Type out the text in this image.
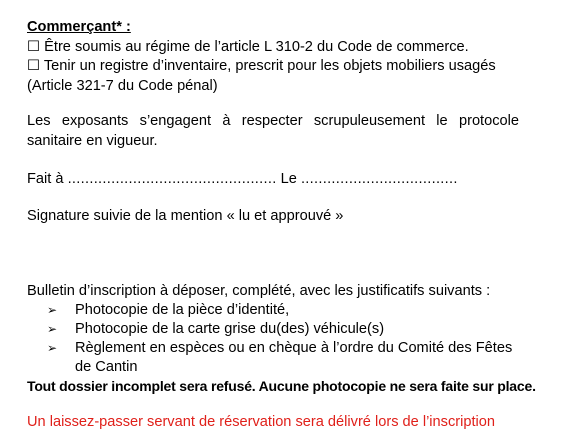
Commerçant* :
☐ Être soumis au régime de l’article L 310-2 du Code de commerce.
☐ Tenir un registre d’inventaire, prescrit pour les objets mobiliers usagés
(Article 321-7 du Code pénal)
Les exposants s’engagent à respecter scrupuleusement le protocole
sanitaire en vigueur.
Fait à ................................................ Le ....................................
Signature suivie de la mention « lu et approuvé »
Bulletin d’inscription à déposer, complété, avec les justificatifs suivants :
➢ Photocopie de la pièce d’identité,
➢ Photocopie de la carte grise du(des) véhicule(s)
➢ Règlement en espèces ou en chèque à l’ordre du Comité des Fêtes
de Cantin
Tout dossier incomplet sera refusé. Aucune photocopie ne sera faite sur place.
Un laissez-passer servant de réservation sera délivré lors de l’inscription
